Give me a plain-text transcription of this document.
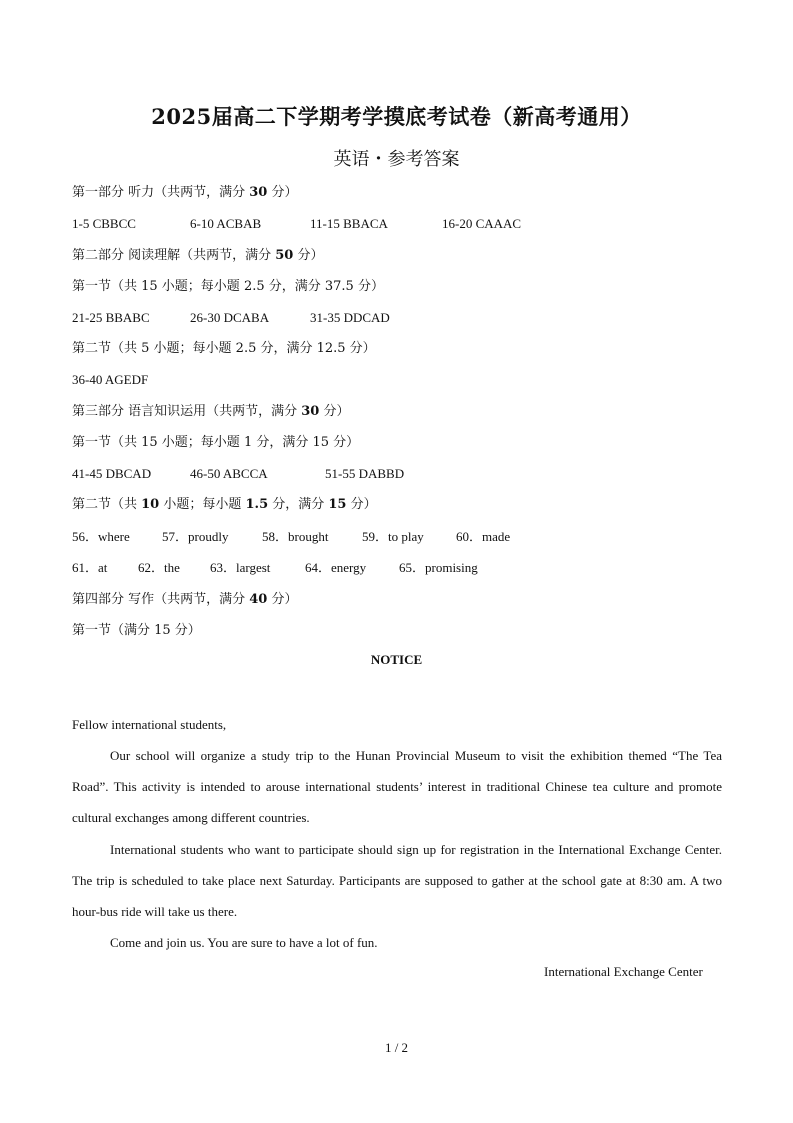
2025届高二下学期考学摸底考试卷（新高考通用）
英语・参考答案
第一部分 听力（共两节，满分 30 分）
1-5 CBBCC	6-10 ACBAB	11-15 BBACA	16-20 CAAAC
第二部分 阅读理解（共两节，满分 50 分）
第一节（共 15 小题；每小题 2.5 分，满分 37.5 分）
21-25 BBABC	26-30 DCABA	31-35 DDCAD
第二节（共 5 小题；每小题 2.5 分，满分 12.5 分）
36-40 AGEDF
第三部分 语言知识运用（共两节，满分 30 分）
第一节（共 15 小题；每小题 1 分，满分 15 分）
41-45 DBCAD	46-50 ABCCA	51-55 DABBD
第二节（共 10 小题；每小题 1.5 分，满分 15 分）
56．where 57．proudly	58．brought	59．to play 60．made
61．at 62．the 63．largest	64．energy	65．promising
第四部分 写作（共两节，满分 40 分）
第一节（满分 15 分）
NOTICE

Fellow international students,

Our school will organize a study trip to the Hunan Provincial Museum to visit the exhibition themed “The Tea Road”. This activity is intended to arouse international students’ interest in traditional Chinese tea culture and promote cultural exchanges among different countries.

International students who want to participate should sign up for registration in the International Exchange Center. The trip is scheduled to take place next Saturday. Participants are supposed to gather at the school gate at 8:30 am. A two hour-bus ride will take us there.

Come and join us. You are sure to have a lot of fun.

International Exchange Center
1 / 2
